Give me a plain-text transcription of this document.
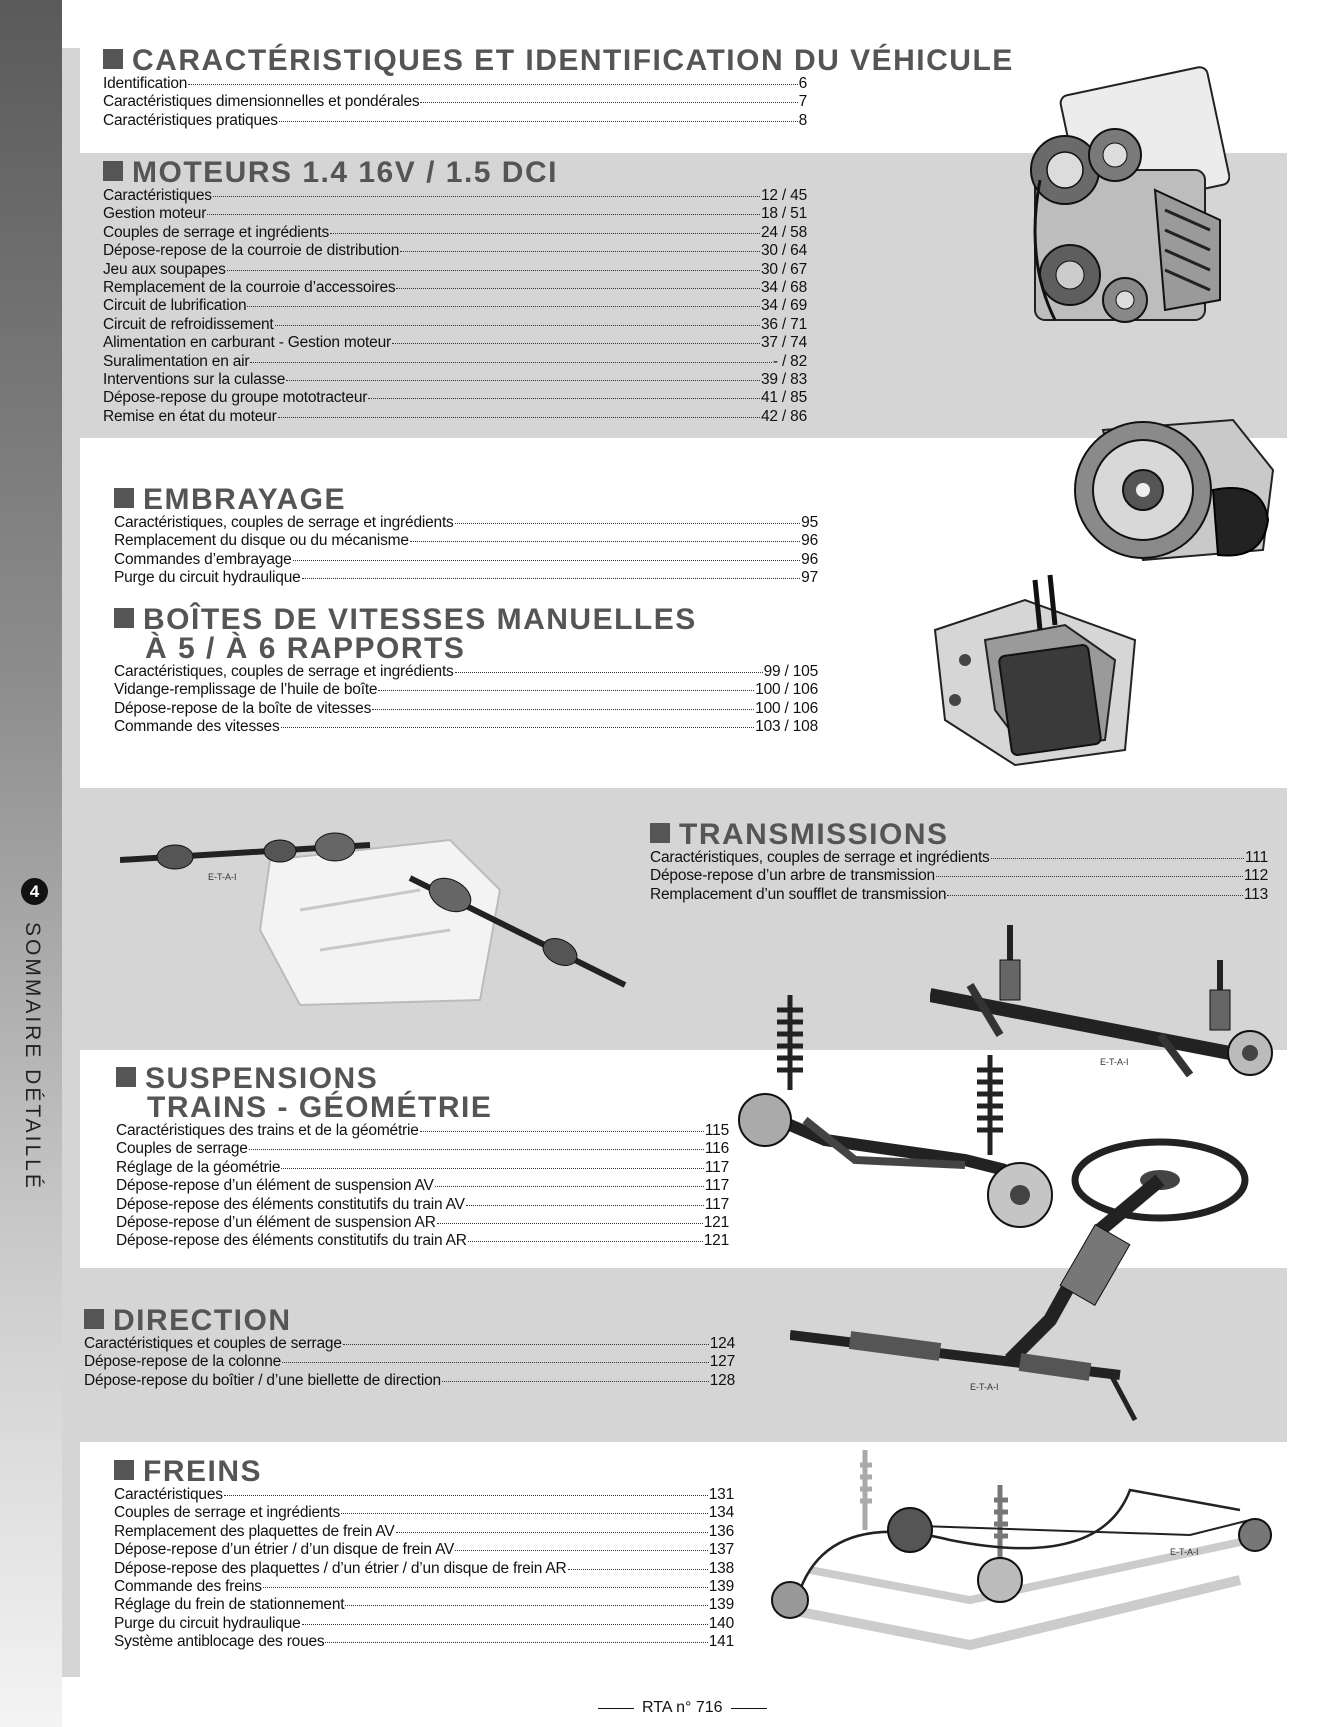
4
SOMMAIRE DÉTAILLÉ
CARACTÉRISTIQUES ET IDENTIFICATION DU VÉHICULE
Identification	6
Caractéristiques dimensionnelles et pondérales	7
Caractéristiques pratiques	8
MOTEURS 1.4 16V / 1.5 DCI
Caractéristiques	12 / 45
Gestion moteur	18 / 51
Couples de serrage et ingrédients	24 / 58
Dépose-repose de la courroie de distribution	30 / 64
Jeu aux soupapes	30 / 67
Remplacement de la courroie d’accessoires	34 / 68
Circuit de lubrification	34 / 69
Circuit de refroidissement	36 / 71
Alimentation en carburant - Gestion moteur	37 / 74
Suralimentation en air	- / 82
Interventions sur la culasse	39 / 83
Dépose-repose du groupe mototracteur	41 / 85
Remise en état du moteur	42 / 86
EMBRAYAGE
Caractéristiques, couples de serrage et ingrédients	95
Remplacement du disque ou du mécanisme	96
Commandes d’embrayage	96
Purge du circuit hydraulique	97
BOÎTES DE VITESSES MANUELLES
À 5 / À 6 RAPPORTS
Caractéristiques, couples de serrage et ingrédients	99 / 105
Vidange-remplissage de l’huile de boîte	100 / 106
Dépose-repose de la boîte de vitesses	100 / 106
Commande des vitesses	103 / 108
TRANSMISSIONS
Caractéristiques, couples de serrage et ingrédients	111
Dépose-repose d’un arbre de transmission	112
Remplacement d’un soufflet de transmission	113
SUSPENSIONS
TRAINS - GÉOMÉTRIE
Caractéristiques des trains et de la géométrie	115
Couples de serrage	116
Réglage de la géométrie	117
Dépose-repose d’un élément de suspension AV	117
Dépose-repose des éléments constitutifs du train AV	117
Dépose-repose d’un élément de suspension AR	121
Dépose-repose des éléments constitutifs du train AR	121
DIRECTION
Caractéristiques et couples de serrage	124
Dépose-repose de la colonne	127
Dépose-repose du boîtier / d’une biellette de direction	128
FREINS
Caractéristiques	131
Couples de serrage et ingrédients	134
Remplacement des plaquettes de frein AV	136
Dépose-repose d’un étrier / d’un disque de frein AV	137
Dépose-repose des plaquettes / d’un étrier / d’un disque de frein AR	138
Commande des freins	139
Réglage du frein de stationnement	139
Purge du circuit hydraulique	140
Système antiblocage des roues	141
E-T-A-I
E-T-A-I
E-T-A-I
E-T-A-I
RTA n° 716
